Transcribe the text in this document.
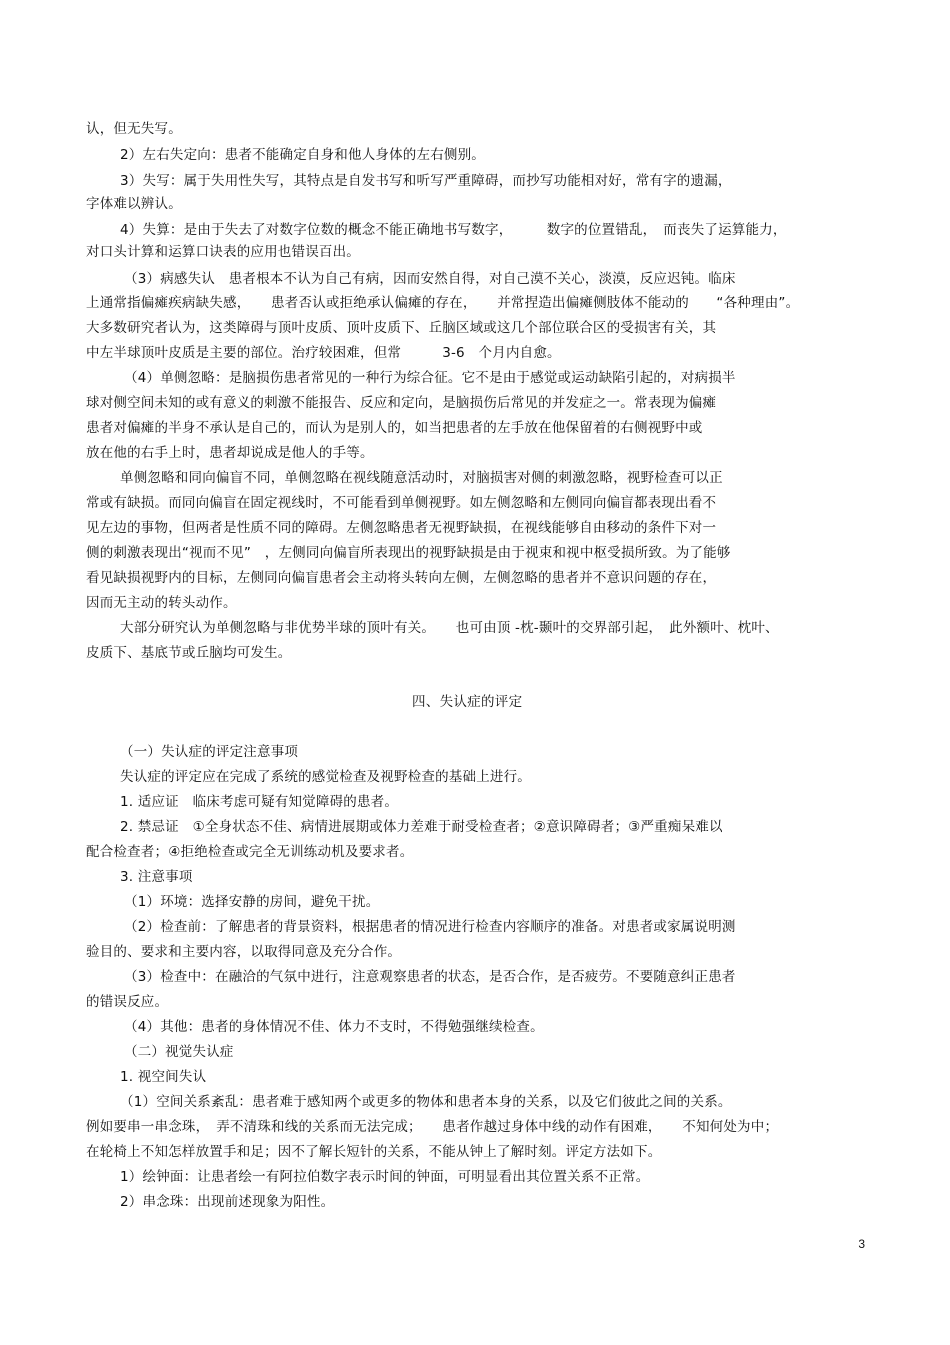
认，但无失写。
2）左右失定向：患者不能确定自身和他人身体的左右侧别。
3）失写：属于失用性失写，其特点是自发书写和听写严重障碍，而抄写功能相对好，常有字的遗漏，
字体难以辨认。
4）失算：是由于失去了对数字位数的概念不能正确地书写数字，　　　数字的位置错乱，　而丧失了运算能力，
对口头计算和运算口诀表的应用也错误百出。
（3）病感失认　患者根本不认为自己有病，因而安然自得，对自己漠不关心，淡漠，反应迟钝。临床
上通常指偏瘫疾病缺失感，　　患者否认或拒绝承认偏瘫的存在，　　并常捏造出偏瘫侧肢体不能动的　　“各种理由”。
大多数研究者认为，这类障碍与顶叶皮质、顶叶皮质下、丘脑区域或这几个部位联合区的受损害有关，其
中左半球顶叶皮质是主要的部位。治疗较困难，但常　　　3-6　个月内自愈。
（4）单侧忽略：是脑损伤患者常见的一种行为综合征。它不是由于感觉或运动缺陷引起的，对病损半
球对侧空间未知的或有意义的刺激不能报告、反应和定向，是脑损伤后常见的并发症之一。常表现为偏瘫
患者对偏瘫的半身不承认是自己的，而认为是别人的，如当把患者的左手放在他保留着的右侧视野中或
放在他的右手上时，患者却说成是他人的手等。
单侧忽略和同向偏盲不同，单侧忽略在视线随意活动时，对脑损害对侧的刺激忽略，视野检查可以正
常或有缺损。而同向偏盲在固定视线时，不可能看到单侧视野。如左侧忽略和左侧同向偏盲都表现出看不
见左边的事物，但两者是性质不同的障碍。左侧忽略患者无视野缺损，在视线能够自由移动的条件下对一
侧的刺激表现出“视而不见”　，左侧同向偏盲所表现出的视野缺损是由于视束和视中枢受损所致。为了能够
看见缺损视野内的目标，左侧同向偏盲患者会主动将头转向左侧，左侧忽略的患者并不意识问题的存在，
因而无主动的转头动作。
大部分研究认为单侧忽略与非优势半球的顶叶有关。　　也可由顶 -枕-颞叶的交界部引起，　此外额叶、枕叶、
皮质下、基底节或丘脑均可发生。
四、失认症的评定
（一）失认症的评定注意事项
失认症的评定应在完成了系统的感觉检查及视野检查的基础上进行。
1. 适应证　临床考虑可疑有知觉障碍的患者。
2. 禁忌证　①全身状态不佳、病情进展期或体力差难于耐受检查者；②意识障碍者；③严重痴呆难以
配合检查者；④拒绝检查或完全无训练动机及要求者。
3. 注意事项
（1）环境：选择安静的房间，避免干扰。
（2）检查前：了解患者的背景资料，根据患者的情况进行检查内容顺序的准备。对患者或家属说明测
验目的、要求和主要内容，以取得同意及充分合作。
（3）检查中：在融洽的气氛中进行，注意观察患者的状态，是否合作，是否疲劳。不要随意纠正患者
的错误反应。
（4）其他：患者的身体情况不佳、体力不支时，不得勉强继续检查。
（二）视觉失认症
1. 视空间失认
（1）空间关系紊乱：患者难于感知两个或更多的物体和患者本身的关系，以及它们彼此之间的关系。
例如要串一串念珠，　弄不清珠和线的关系而无法完成；　　患者作越过身体中线的动作有困难，　　不知何处为中；
在轮椅上不知怎样放置手和足；因不了解长短针的关系，不能从钟上了解时刻。评定方法如下。
1）绘钟面：让患者绘一有阿拉伯数字表示时间的钟面，可明显看出其位置关系不正常。
2）串念珠：出现前述现象为阳性。
3
